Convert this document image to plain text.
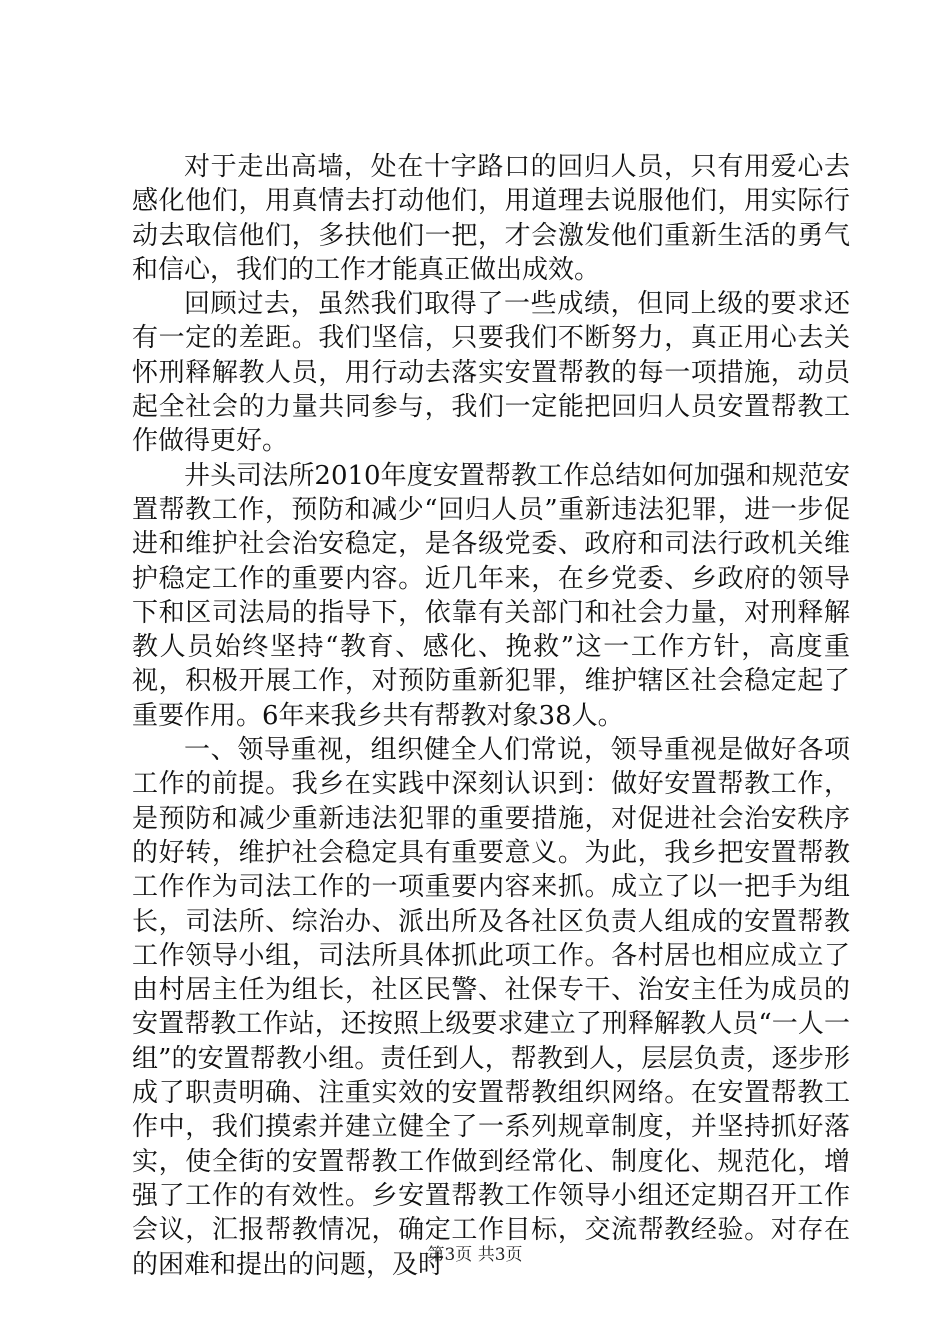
对于走出高墙，处在十字路口的回归人员，只有用爱心去感化他们，用真情去打动他们，用道理去说服他们，用实际行动去取信他们，多扶他们一把，才会激发他们重新生活的勇气和信心，我们的工作才能真正做出成效。

回顾过去，虽然我们取得了一些成绩，但同上级的要求还有一定的差距。我们坚信，只要我们不断努力，真正用心去关怀刑释解教人员，用行动去落实安置帮教的每一项措施，动员起全社会的力量共同参与，我们一定能把回归人员安置帮教工作做得更好。

井头司法所2010年度安置帮教工作总结如何加强和规范安置帮教工作，预防和减少“回归人员”重新违法犯罪，进一步促进和维护社会治安稳定，是各级党委、政府和司法行政机关维护稳定工作的重要内容。近几年来，在乡党委、乡政府的领导下和区司法局的指导下，依靠有关部门和社会力量，对刑释解教人员始终坚持“教育、感化、挽救”这一工作方针，高度重视，积极开展工作，对预防重新犯罪，维护辖区社会稳定起了重要作用。6年来我乡共有帮教对象38人。

一、领导重视，组织健全人们常说，领导重视是做好各项工作的前提。我乡在实践中深刻认识到：做好安置帮教工作，是预防和减少重新违法犯罪的重要措施，对促进社会治安秩序的好转，维护社会稳定具有重要意义。为此，我乡把安置帮教工作作为司法工作的一项重要内容来抓。成立了以一把手为组长，司法所、综治办、派出所及各社区负责人组成的安置帮教工作领导小组，司法所具体抓此项工作。各村居也相应成立了由村居主任为组长，社区民警、社保专干、治安主任为成员的安置帮教工作站，还按照上级要求建立了刑释解教人员“一人一组”的安置帮教小组。责任到人，帮教到人，层层负责，逐步形成了职责明确、注重实效的安置帮教组织网络。在安置帮教工作中，我们摸索并建立健全了一系列规章制度，并坚持抓好落实，使全街的安置帮教工作做到经常化、制度化、规范化，增强了工作的有效性。乡安置帮教工作领导小组还定期召开工作会议，汇报帮教情况，确定工作目标，交流帮教经验。对存在的困难和提出的问题，及时

第3页 共3页
